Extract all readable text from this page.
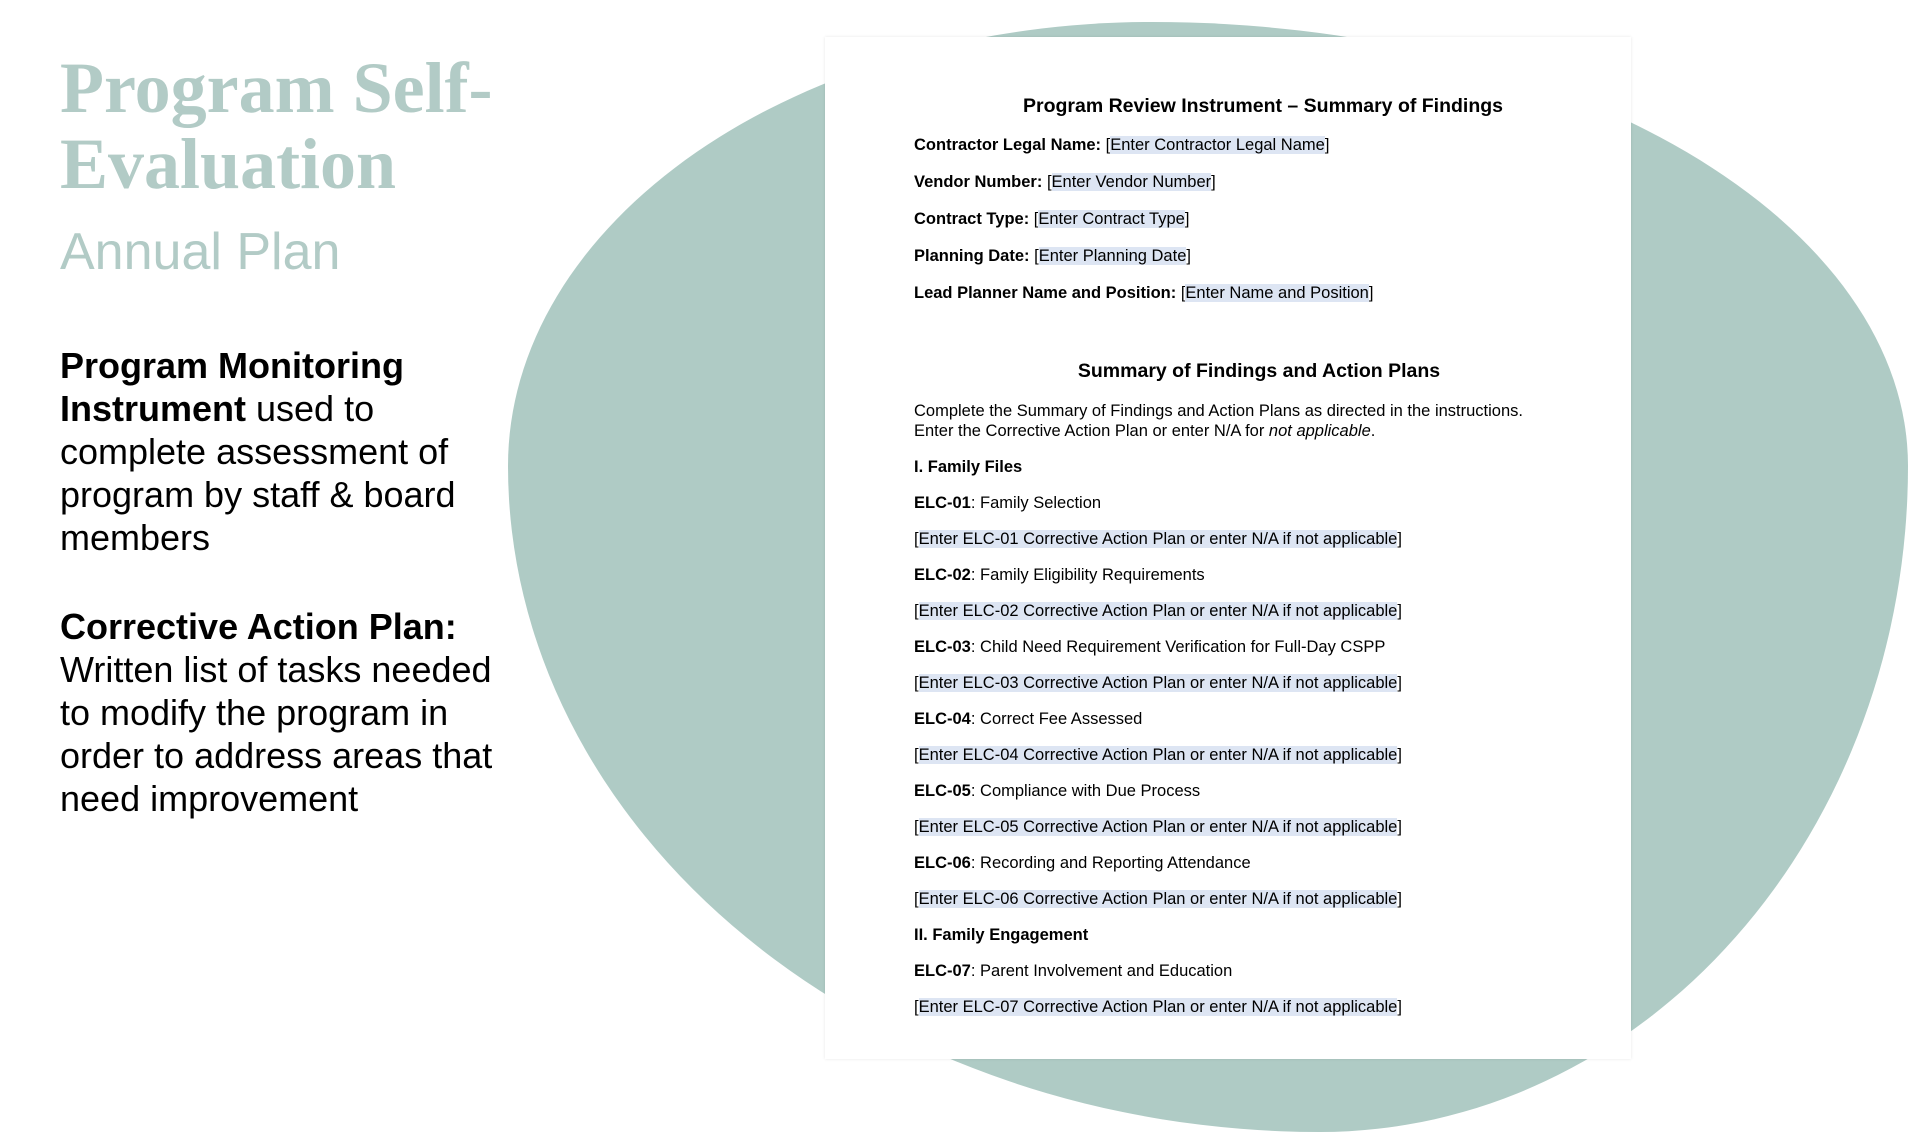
Program Self-Evaluation
Annual Plan

Program Monitoring Instrument used to complete assessment of program by staff & board members

Corrective Action Plan: Written list of tasks needed to modify the program in order to address areas that need improvement

Program Review Instrument – Summary of Findings

Contractor Legal Name: [Enter Contractor Legal Name]

Vendor Number: [Enter Vendor Number]

Contract Type: [Enter Contract Type]

Planning Date: [Enter Planning Date]

Lead Planner Name and Position: [Enter Name and Position]

Summary of Findings and Action Plans

Complete the Summary of Findings and Action Plans as directed in the instructions.
Enter the Corrective Action Plan or enter N/A for not applicable.

I. Family Files

ELC-01: Family Selection

[Enter ELC-01 Corrective Action Plan or enter N/A if not applicable]

ELC-02: Family Eligibility Requirements

[Enter ELC-02 Corrective Action Plan or enter N/A if not applicable]

ELC-03: Child Need Requirement Verification for Full-Day CSPP

[Enter ELC-03 Corrective Action Plan or enter N/A if not applicable]

ELC-04: Correct Fee Assessed

[Enter ELC-04 Corrective Action Plan or enter N/A if not applicable]

ELC-05: Compliance with Due Process

[Enter ELC-05 Corrective Action Plan or enter N/A if not applicable]

ELC-06: Recording and Reporting Attendance

[Enter ELC-06 Corrective Action Plan or enter N/A if not applicable]

II. Family Engagement

ELC-07: Parent Involvement and Education

[Enter ELC-07 Corrective Action Plan or enter N/A if not applicable]
